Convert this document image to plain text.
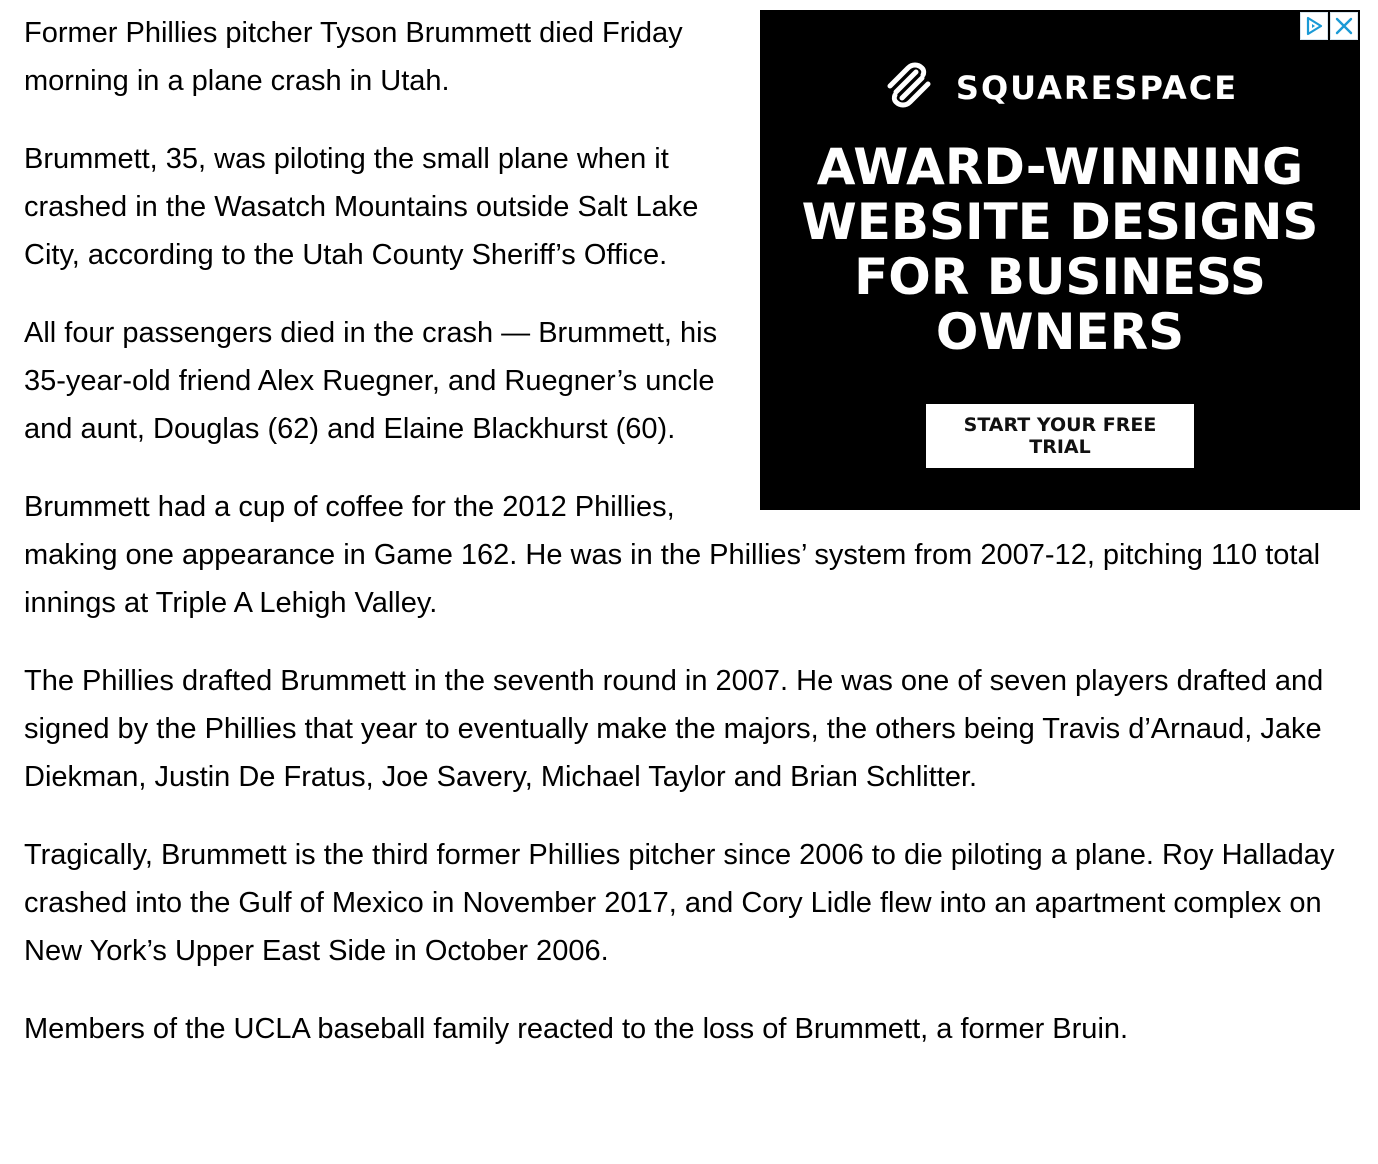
SQUARESPACE
AWARD-WINNING
WEBSITE DESIGNS
FOR BUSINESS
OWNERS
START YOUR FREE TRIAL

Former Phillies pitcher Tyson Brummett died Friday morning in a plane crash in Utah.

Brummett, 35, was piloting the small plane when it crashed in the Wasatch Mountains outside Salt Lake City, according to the Utah County Sheriff’s Office.

All four passengers died in the crash — Brummett, his 35-year-old friend Alex Ruegner, and Ruegner’s uncle and aunt, Douglas (62) and Elaine Blackhurst (60).

Brummett had a cup of coffee for the 2012 Phillies, making one appearance in Game 162. He was in the Phillies’ system from 2007-12, pitching 110 total innings at Triple A Lehigh Valley.

The Phillies drafted Brummett in the seventh round in 2007. He was one of seven players drafted and signed by the Phillies that year to eventually make the majors, the others being Travis d’Arnaud, Jake Diekman, Justin De Fratus, Joe Savery, Michael Taylor and Brian Schlitter.

Tragically, Brummett is the third former Phillies pitcher since 2006 to die piloting a plane. Roy Halladay crashed into the Gulf of Mexico in November 2017, and Cory Lidle flew into an apartment complex on New York’s Upper East Side in October 2006.

Members of the UCLA baseball family reacted to the loss of Brummett, a former Bruin.
